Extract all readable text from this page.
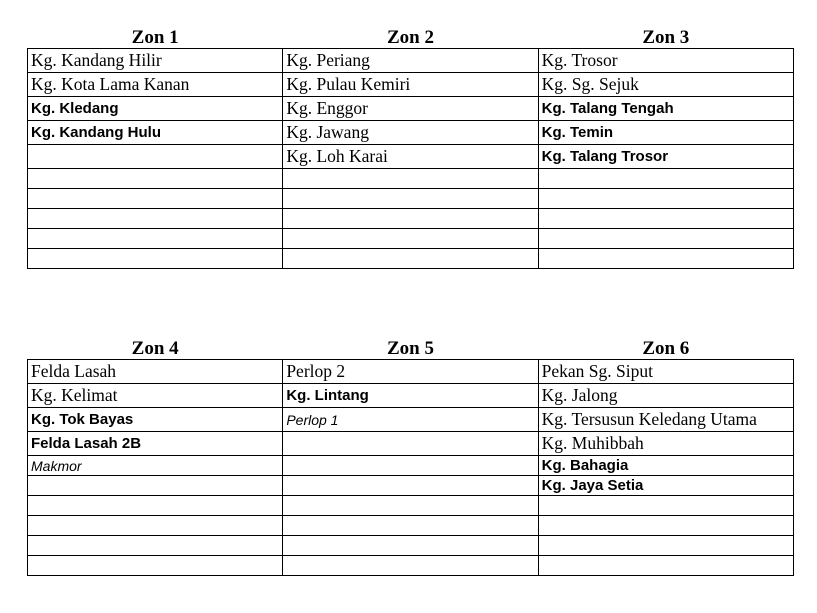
Zon 1	Zon 2	Zon 3
Kg. Kandang Hilir	Kg. Periang	Kg. Trosor
Kg. Kota Lama Kanan	Kg. Pulau Kemiri	Kg. Sg. Sejuk
Kg. Kledang	Kg. Enggor	Kg. Talang Tengah
Kg. Kandang Hulu	Kg. Jawang	Kg. Temin
	Kg. Loh Karai	Kg. Talang Trosor

Zon 4	Zon 5	Zon 6
Felda Lasah	Perlop 2	Pekan Sg. Siput
Kg. Kelimat	Kg. Lintang	Kg. Jalong
Kg. Tok Bayas	Perlop 1	Kg. Tersusun Keledang Utama
Felda Lasah 2B		Kg. Muhibbah
Makmor		Kg. Bahagia
		Kg. Jaya Setia
